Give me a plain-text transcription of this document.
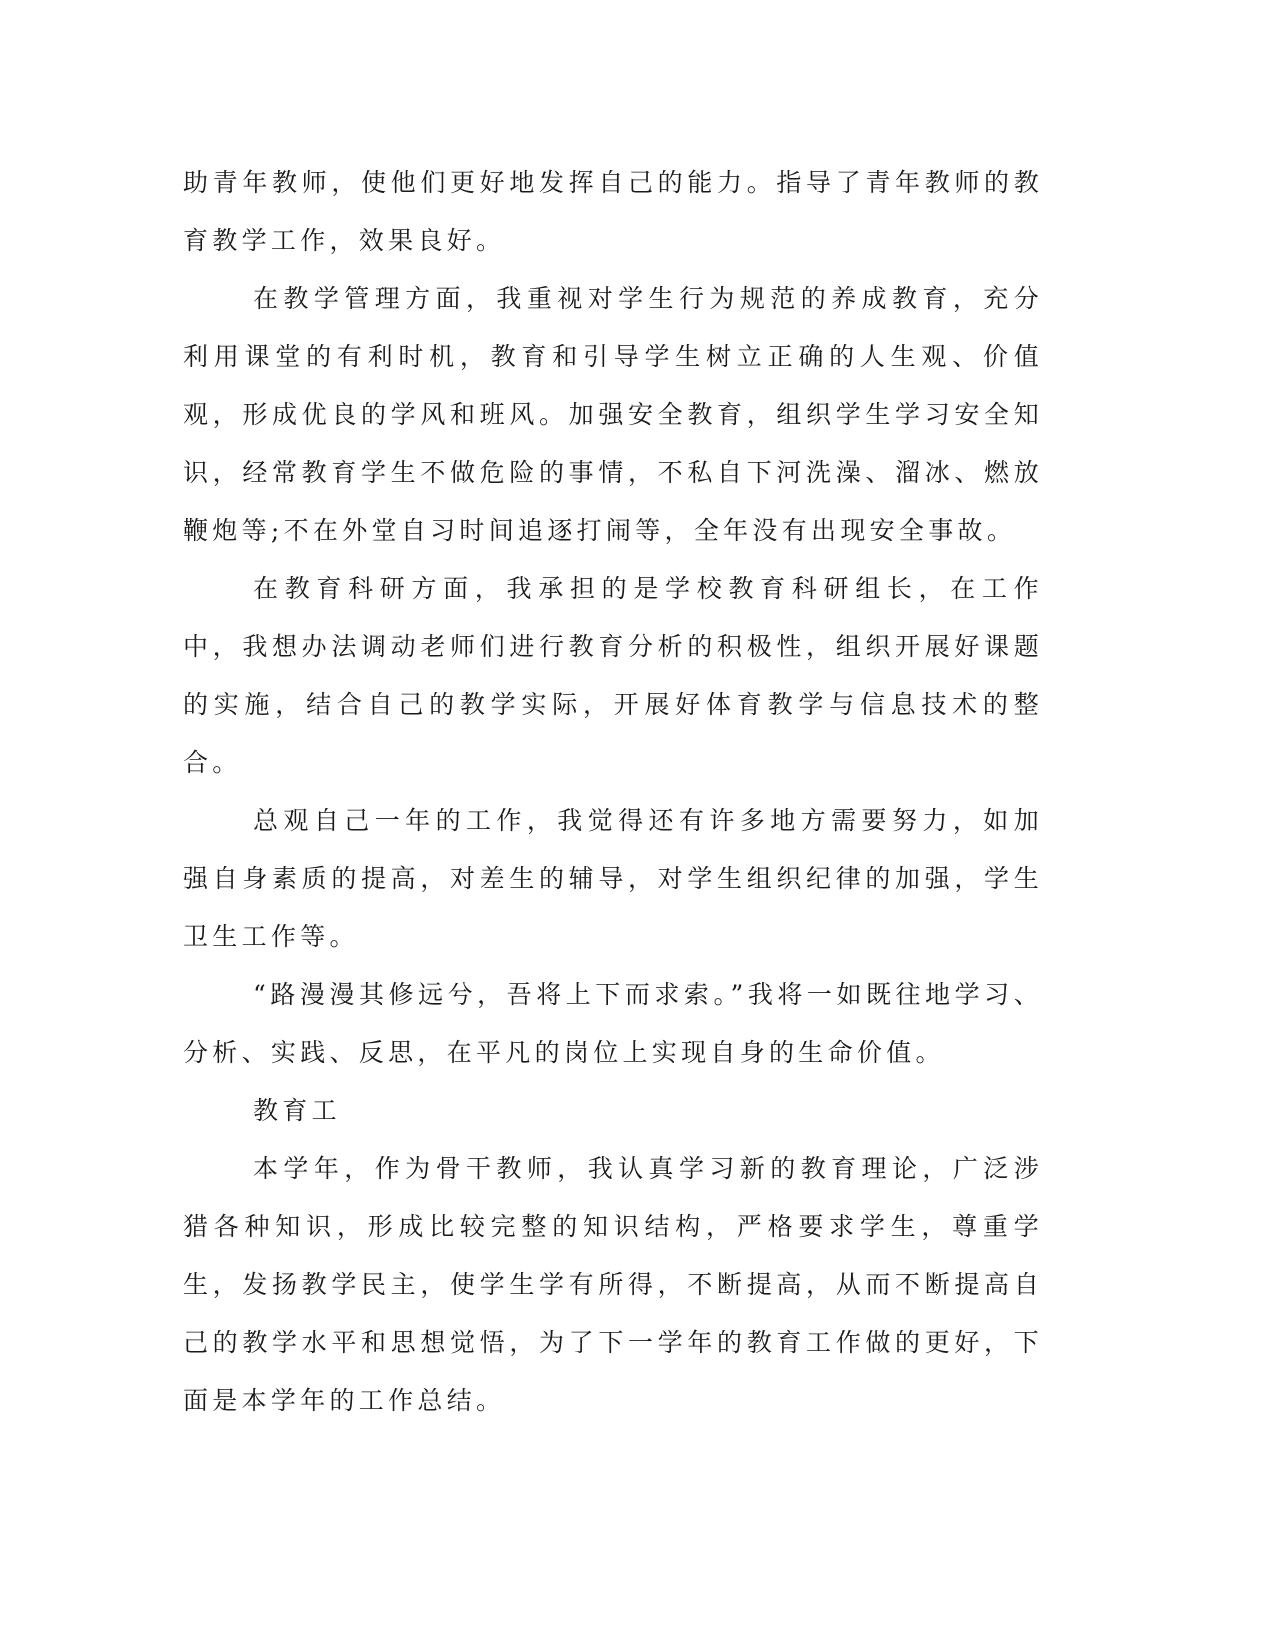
助青年教师，使他们更好地发挥自己的能力。指导了青年教师的教育教学工作，效果良好。

在教学管理方面，我重视对学生行为规范的养成教育，充分利用课堂的有利时机，教育和引导学生树立正确的人生观、价值观，形成优良的学风和班风。加强安全教育，组织学生学习安全知识，经常教育学生不做危险的事情，不私自下河洗澡、溜冰、燃放鞭炮等;不在外堂自习时间追逐打闹等，全年没有出现安全事故。

在教育科研方面，我承担的是学校教育科研组长，在工作中，我想办法调动老师们进行教育分析的积极性，组织开展好课题的实施，结合自己的教学实际，开展好体育教学与信息技术的整合。

总观自己一年的工作，我觉得还有许多地方需要努力，如加强自身素质的提高，对差生的辅导，对学生组织纪律的加强，学生卫生工作等。

“路漫漫其修远兮，吾将上下而求索。”我将一如既往地学习、分析、实践、反思，在平凡的岗位上实现自身的生命价值。

教育工

本学年，作为骨干教师，我认真学习新的教育理论，广泛涉猎各种知识，形成比较完整的知识结构，严格要求学生，尊重学生，发扬教学民主，使学生学有所得，不断提高，从而不断提高自己的教学水平和思想觉悟，为了下一学年的教育工作做的更好，下面是本学年的工作总结。
